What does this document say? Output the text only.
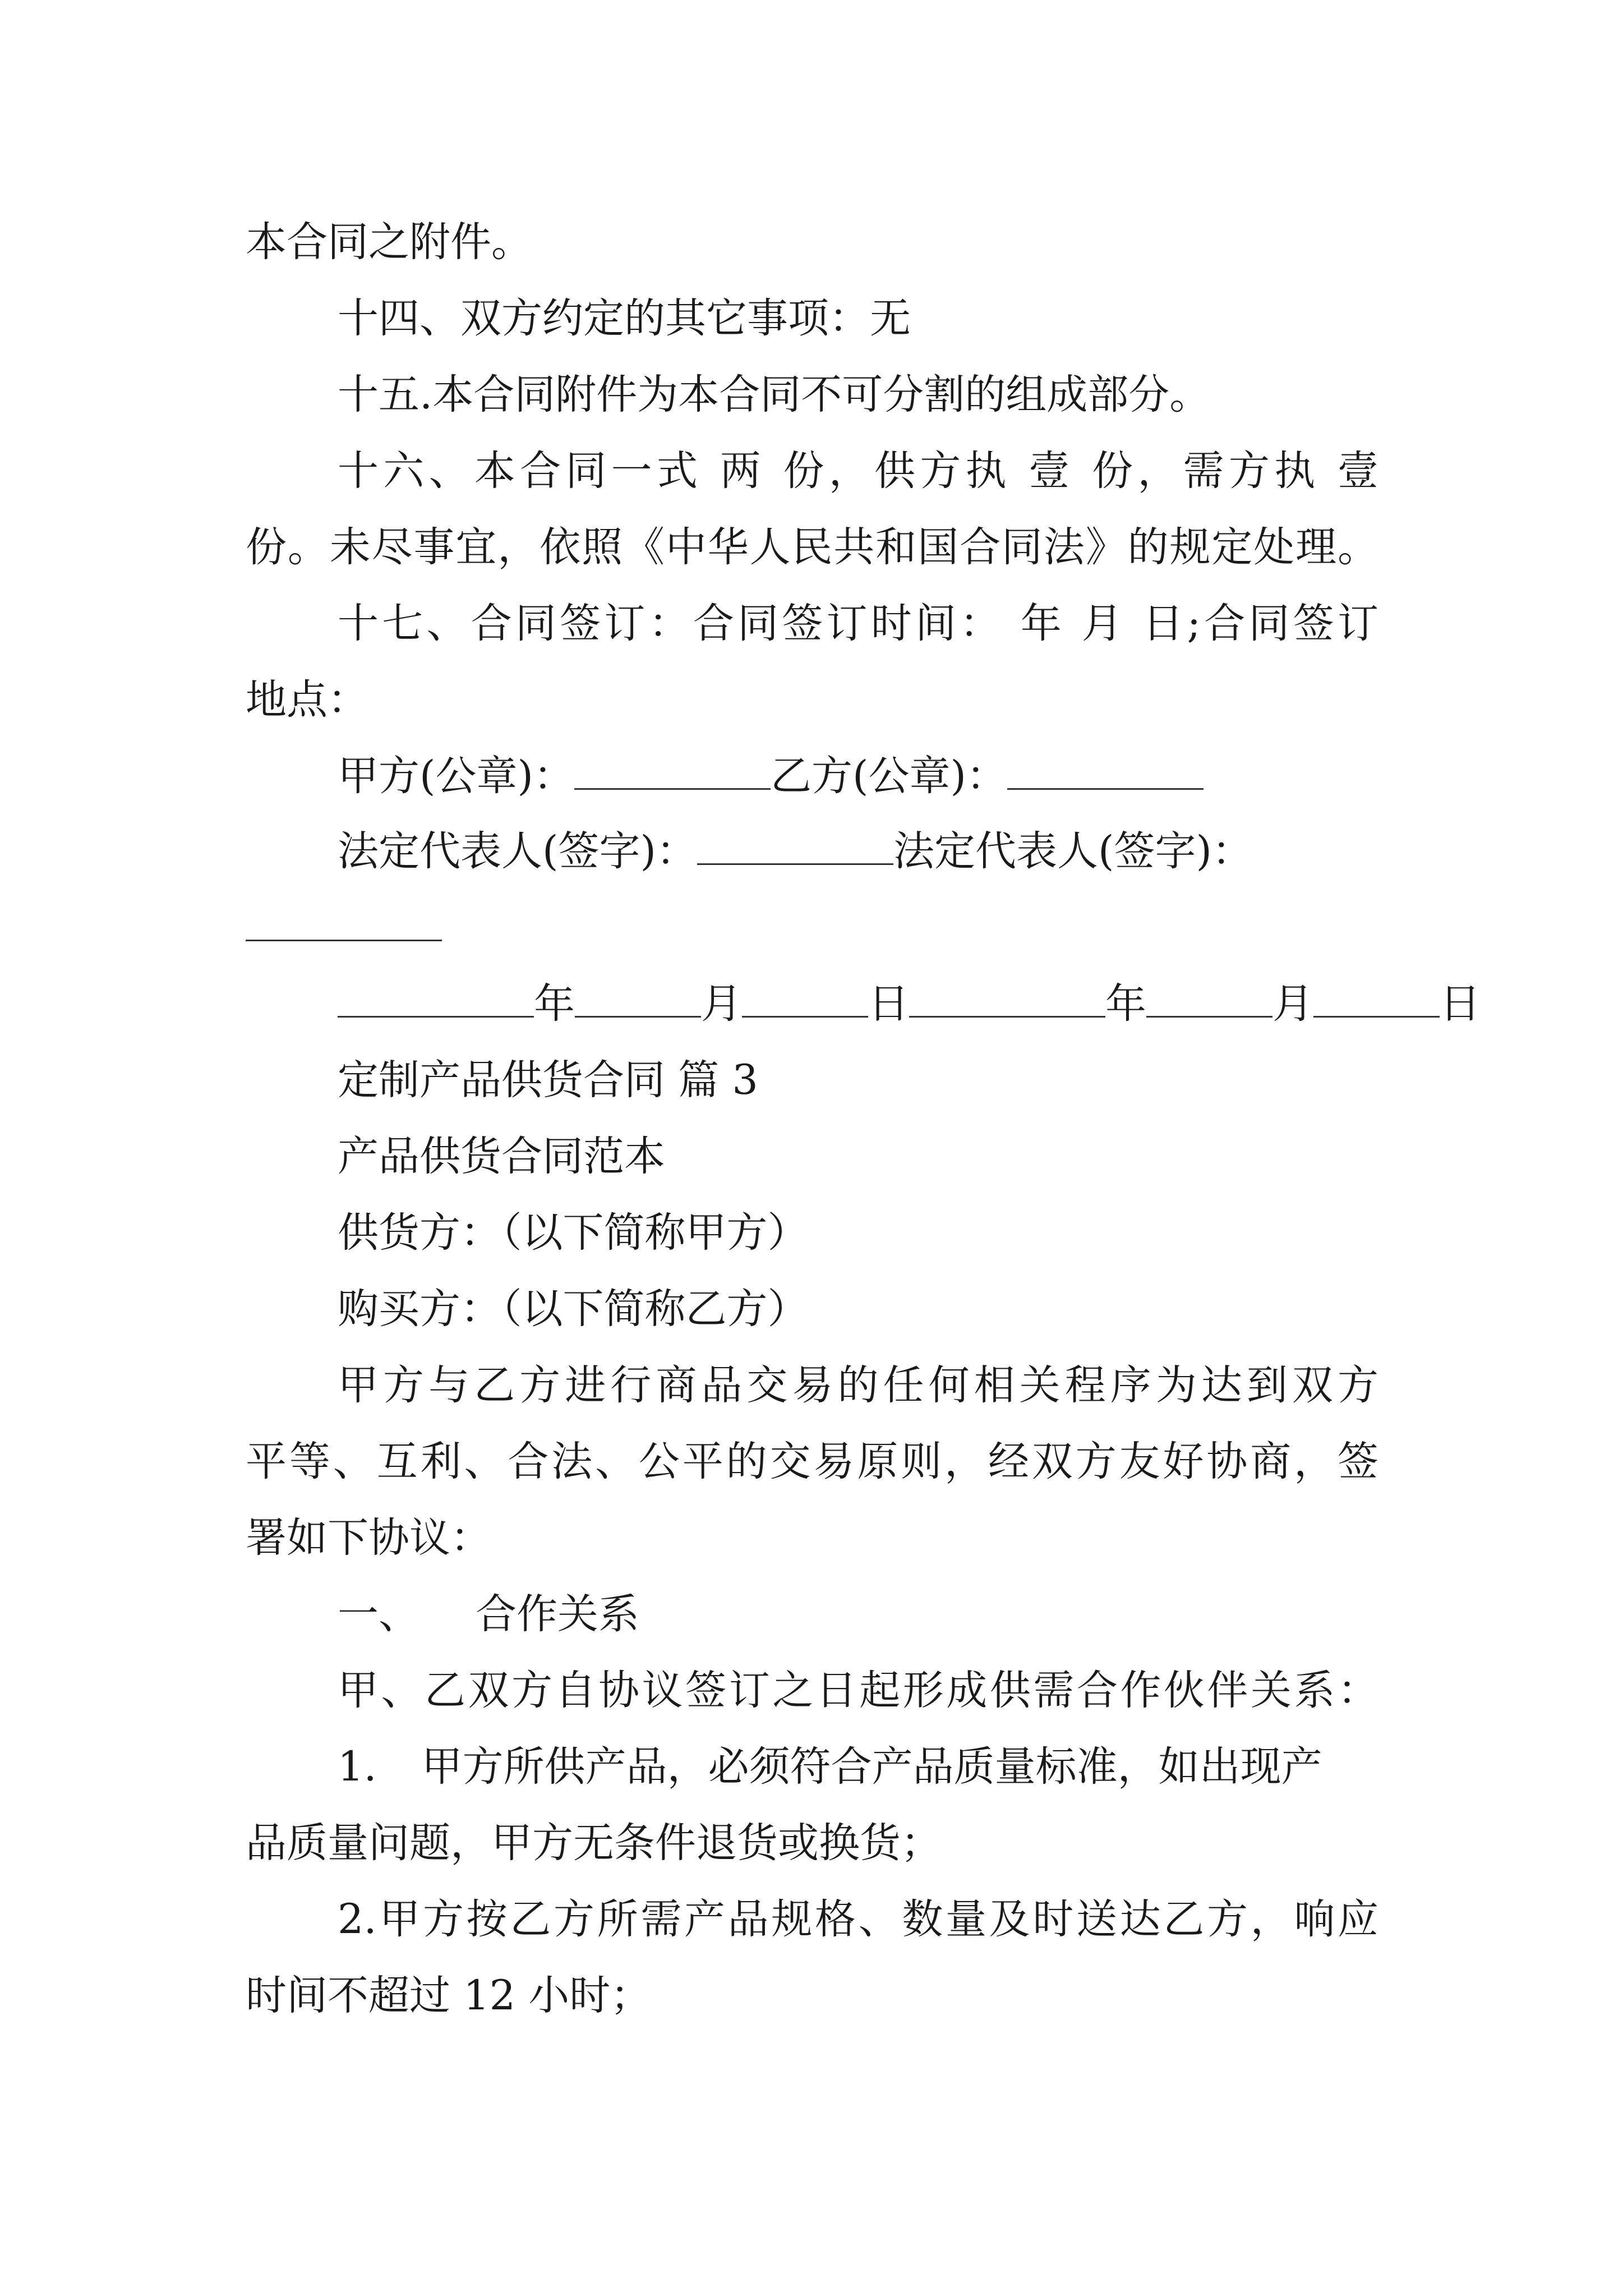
本合同之附件。
十四、双方约定的其它事项：无
十五.本合同附件为本合同不可分割的组成部分。
十六、本合同一式 两 份，供方执 壹 份，需方执 壹
份。未尽事宜，依照《中华人民共和国合同法》的规定处理。
十七、合同签订：合同签订时间： 年 月 日;合同签订
地点：
甲方(公章)：	乙方(公章)：
法定代表人(签字)：	法定代表人(签字)：
年	月	日	年	月	日
定制产品供货合同 篇 3
产品供货合同范本
供货方：（以下简称甲方）
购买方：（以下简称乙方）
甲方与乙方进行商品交易的任何相关程序为达到双方
平等、互利、合法、公平的交易原则，经双方友好协商，签
署如下协议：
一、 合作关系
甲、乙双方自协议签订之日起形成供需合作伙伴关系：
1. 甲方所供产品，必须符合产品质量标准，如出现产
品质量问题，甲方无条件退货或换货；
2.甲方按乙方所需产品规格、数量及时送达乙方，响应
时间不超过 12 小时；
